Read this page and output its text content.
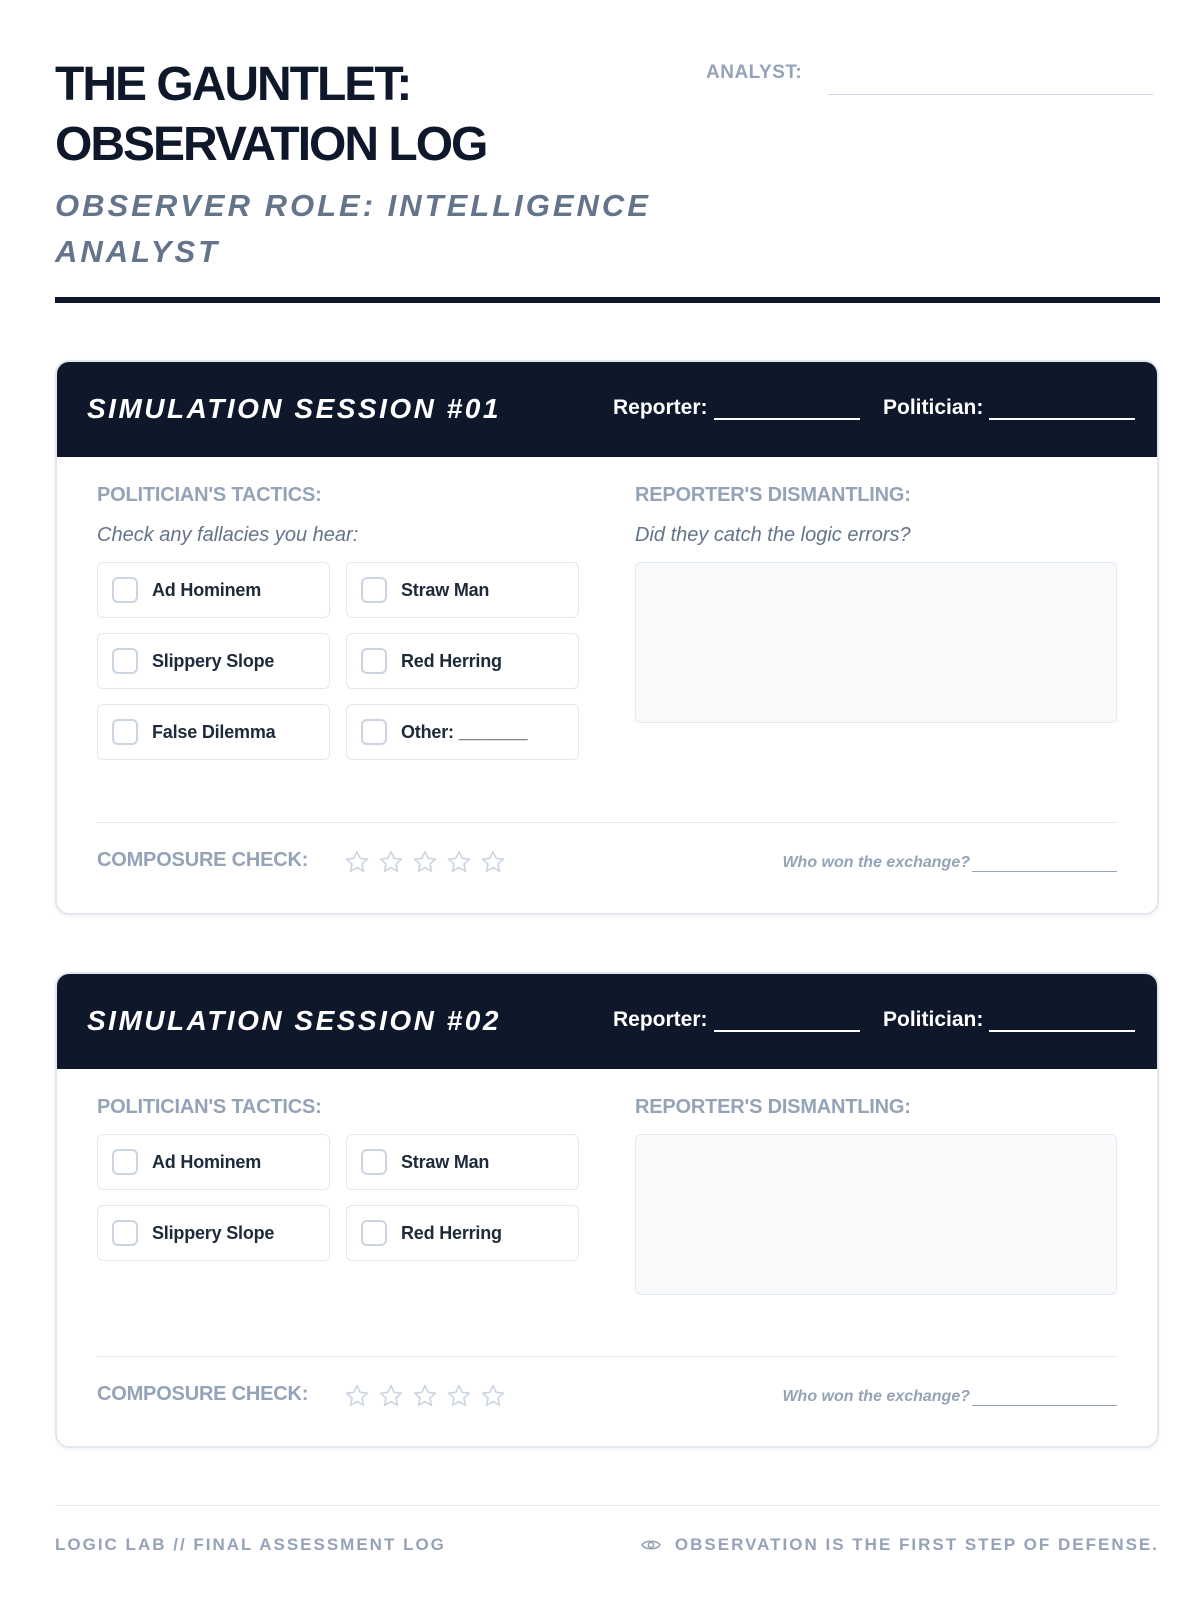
THE GAUNTLET: OBSERVATION LOG
OBSERVER ROLE: INTELLIGENCE ANALYST
ANALYST:
SIMULATION SESSION #01	Reporter:	Politician:
POLITICIAN'S TACTICS:
Check any fallacies you hear:
Ad Hominem	Straw Man
Slippery Slope	Red Herring
False Dilemma	Other: _______
REPORTER'S DISMANTLING:
Did they catch the logic errors?
COMPOSURE CHECK:	Who won the exchange?
SIMULATION SESSION #02	Reporter:	Politician:
POLITICIAN'S TACTICS:
Ad Hominem	Straw Man
Slippery Slope	Red Herring
REPORTER'S DISMANTLING:
COMPOSURE CHECK:	Who won the exchange?
LOGIC LAB // FINAL ASSESSMENT LOG	OBSERVATION IS THE FIRST STEP OF DEFENSE.
